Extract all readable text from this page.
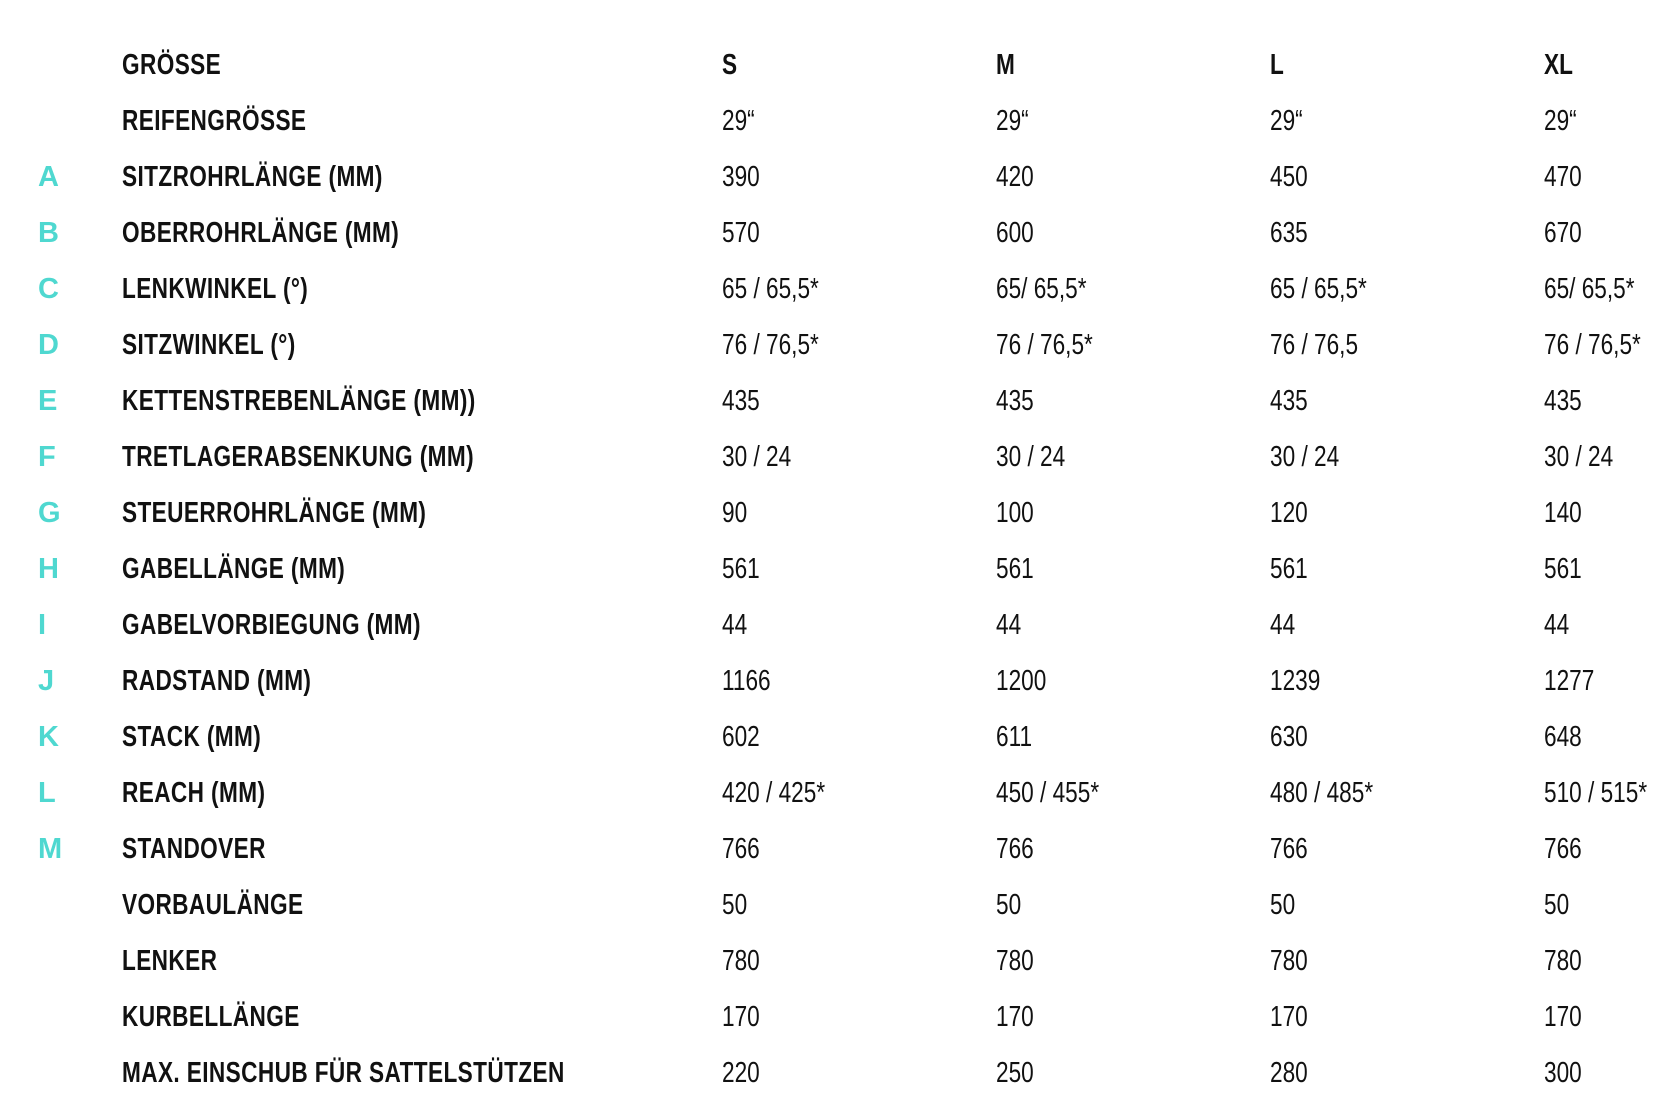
GRÖSSE	S	M	L	XL
REIFENGRÖSSE	29“	29“	29“	29“
A SITZROHRLÄNGE (MM)	390	420	450	470
B OBERROHRLÄNGE (MM)	570	600	635	670
C LENKWINKEL (°)	65 / 65,5*	65/ 65,5*	65 / 65,5*	65/ 65,5*
D SITZWINKEL (°)	76 / 76,5*	76 / 76,5*	76 / 76,5	76 / 76,5*
E KETTENSTREBENLÄNGE (MM))	435	435	435	435
F TRETLAGERABSENKUNG (MM)	30 / 24	30 / 24	30 / 24	30 / 24
G STEUERROHRLÄNGE (MM)	90	100	120	140
H GABELLÄNGE (MM)	561	561	561	561
I	GABELVORBIEGUNG (MM)	44	44	44	44
J RADSTAND (MM)	1166	1200	1239	1277
K STACK (MM)	602	611	630	648
L REACH (MM)	420 / 425*	450 / 455*	480 / 485*	510 / 515*
M STANDOVER	766	766	766	766
VORBAULÄNGE	50	50	50	50
LENKER	780	780	780	780
KURBELLÄNGE	170	170	170	170
MAX. EINSCHUB FÜR SATTELSTÜTZEN	220	250	280	300
